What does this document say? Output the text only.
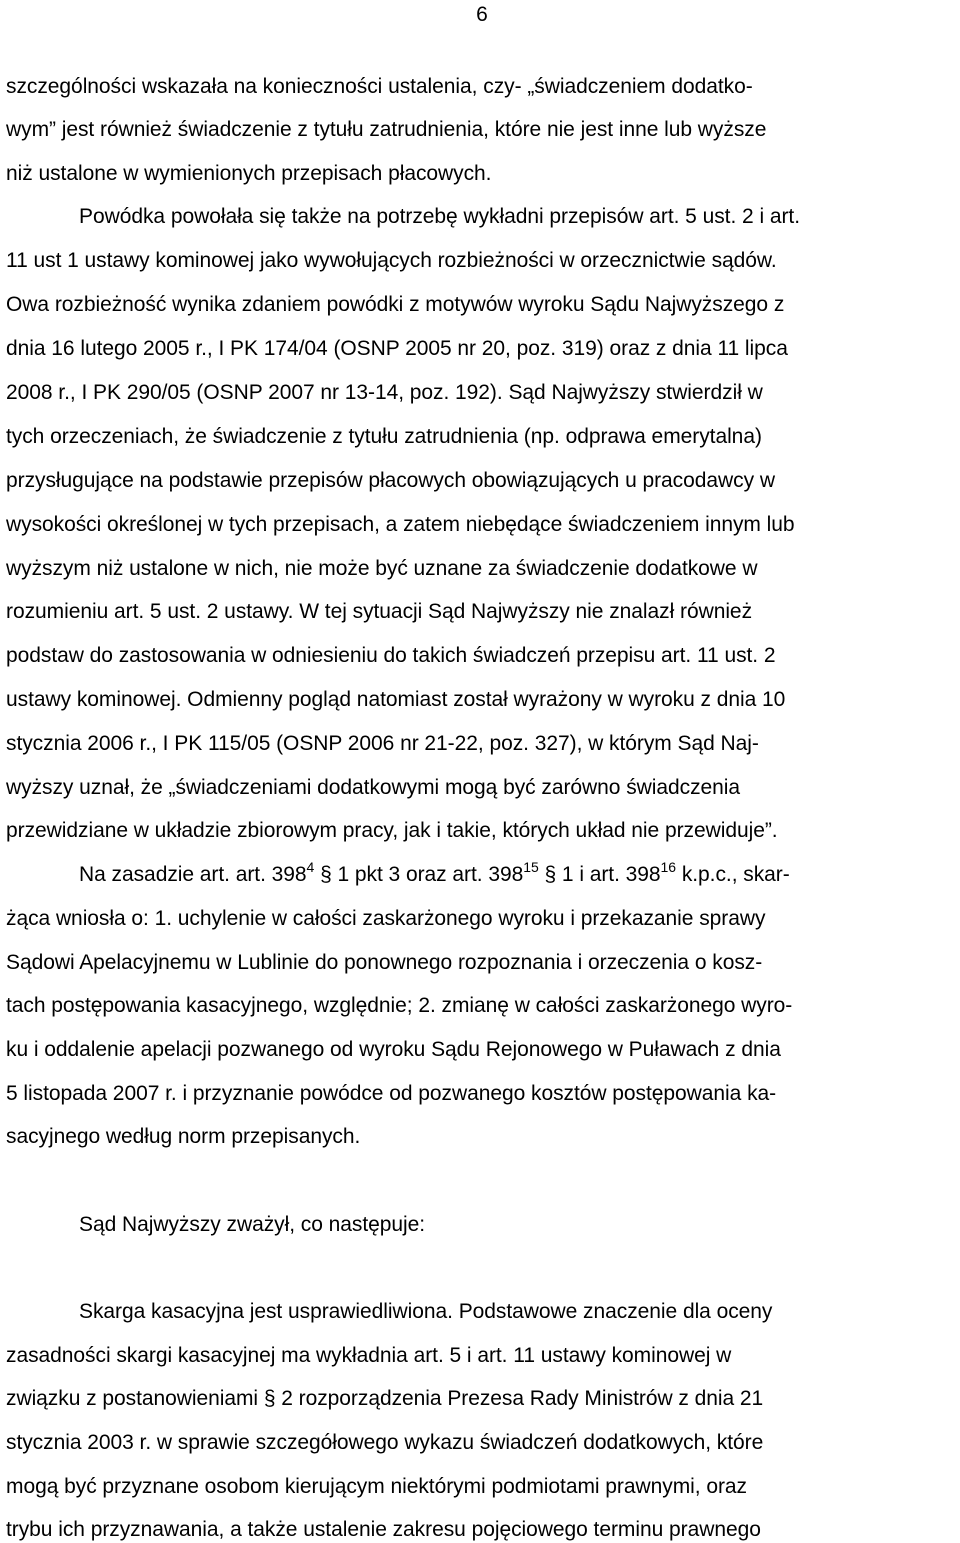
6
szczególności wskazała na konieczności ustalenia, czy- „świadczeniem dodatko-
wym” jest również świadczenie z tytułu zatrudnienia, które nie jest inne lub wyższe
niż ustalone w wymienionych przepisach płacowych.
Powódka powołała się także na potrzebę wykładni przepisów art. 5 ust. 2 i art.
11 ust 1 ustawy kominowej jako wywołujących rozbieżności w orzecznictwie sądów.
Owa rozbieżność wynika zdaniem powódki z motywów wyroku Sądu Najwyższego z
dnia 16 lutego 2005 r., I PK 174/04 (OSNP 2005 nr 20, poz. 319) oraz z dnia 11 lipca
2008 r., I PK 290/05 (OSNP 2007 nr 13-14, poz. 192). Sąd Najwyższy stwierdził w
tych orzeczeniach, że świadczenie z tytułu zatrudnienia (np. odprawa emerytalna)
przysługujące na podstawie przepisów płacowych obowiązujących u pracodawcy w
wysokości określonej w tych przepisach, a zatem niebędące świadczeniem innym lub
wyższym niż ustalone w nich, nie może być uznane za świadczenie dodatkowe w
rozumieniu art. 5 ust. 2 ustawy. W tej sytuacji Sąd Najwyższy nie znalazł również
podstaw do zastosowania w odniesieniu do takich świadczeń przepisu art. 11 ust. 2
ustawy kominowej. Odmienny pogląd natomiast został wyrażony w wyroku z dnia 10
stycznia 2006 r., I PK 115/05 (OSNP 2006 nr 21-22, poz. 327), w którym Sąd Naj-
wyższy uznał, że „świadczeniami dodatkowymi mogą być zarówno świadczenia
przewidziane w układzie zbiorowym pracy, jak i takie, których układ nie przewiduje”.
Na zasadzie art. art. $398^4$ § 1 pkt 3 oraz art. $398^{15}$ § 1 i art. $398^{16}$ k.p.c., skar-
żąca wniosła o: 1. uchylenie w całości zaskarżonego wyroku i przekazanie sprawy
Sądowi Apelacyjnemu w Lublinie do ponownego rozpoznania i orzeczenia o kosz-
tach postępowania kasacyjnego, względnie; 2. zmianę w całości zaskarżonego wyro-
ku i oddalenie apelacji pozwanego od wyroku Sądu Rejonowego w Puławach z dnia
5 listopada 2007 r. i przyznanie powódce od pozwanego kosztów postępowania ka-
sacyjnego według norm przepisanych.
Sąd Najwyższy zważył, co następuje:
Skarga kasacyjna jest usprawiedliwiona. Podstawowe znaczenie dla oceny
zasadności skargi kasacyjnej ma wykładnia art. 5 i art. 11 ustawy kominowej w
związku z postanowieniami § 2 rozporządzenia Prezesa Rady Ministrów z dnia 21
stycznia 2003 r. w sprawie szczegółowego wykazu świadczeń dodatkowych, które
mogą być przyznane osobom kierującym niektórymi podmiotami prawnymi, oraz
trybu ich przyznawania, a także ustalenie zakresu pojęciowego terminu prawnego
